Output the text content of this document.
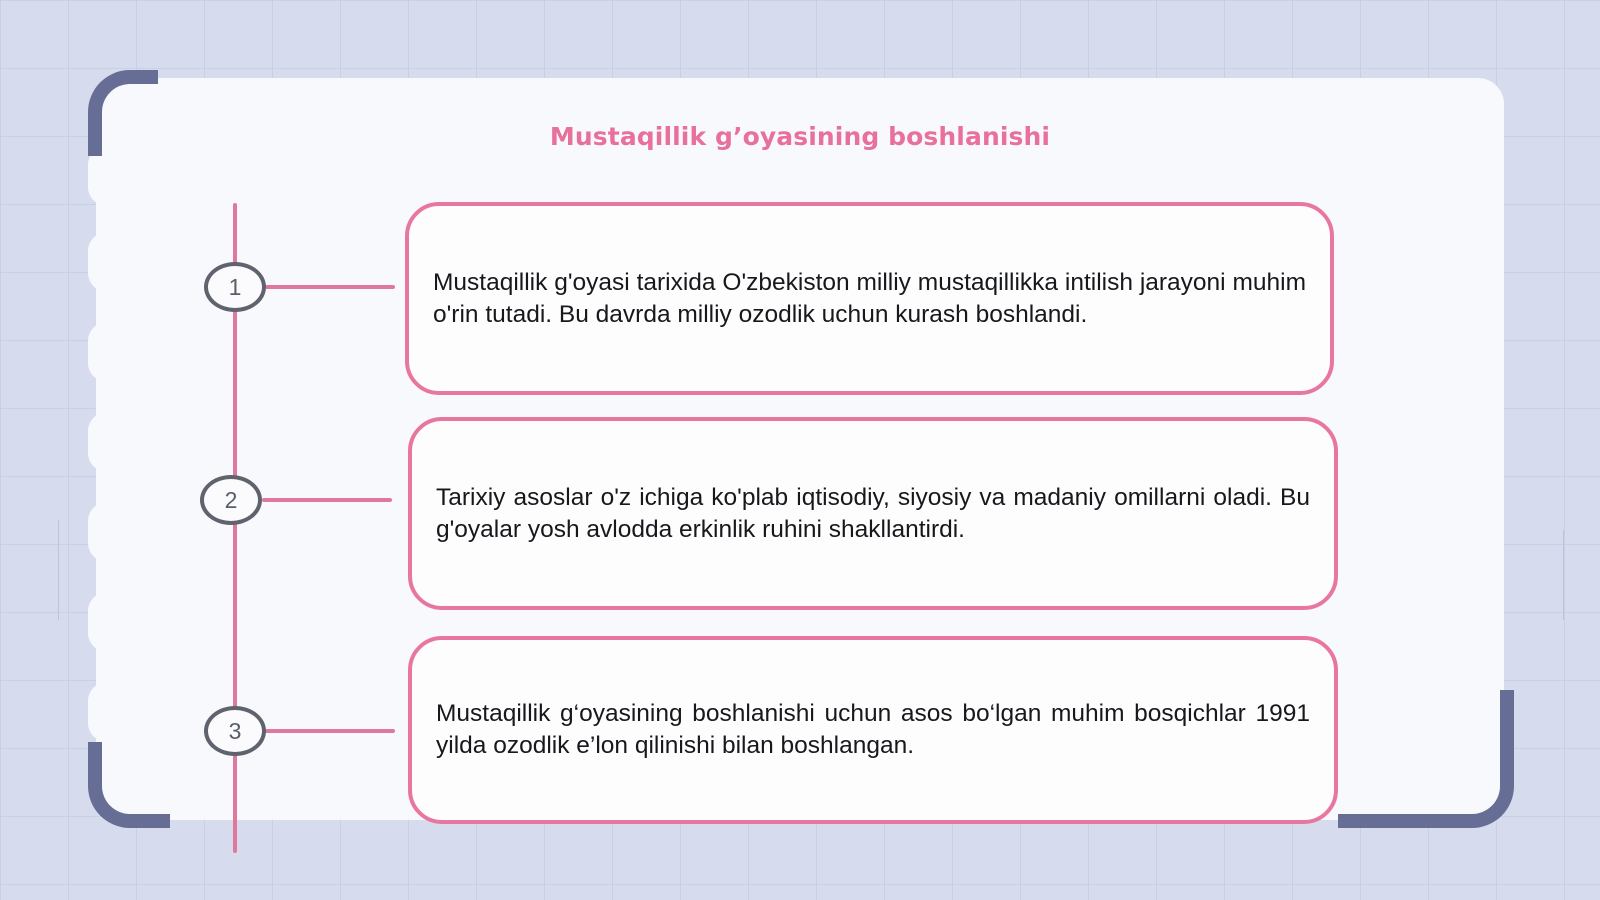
Mustaqillik g’oyasining boshlanishi
1
2
3
Mustaqillik g'oyasi tarixida O'zbekiston milliy mustaqillikka intilish jarayoni muhim o'rin tutadi. Bu davrda milliy ozodlik uchun kurash boshlandi.
Tarixiy asoslar o'z ichiga ko'plab iqtisodiy, siyosiy va madaniy omillarni oladi. Bu g'oyalar yosh avlodda erkinlik ruhini shakllantirdi.
Mustaqillik g‘oyasining boshlanishi uchun asos bo‘lgan muhim bosqichlar 1991 yilda ozodlik e’lon qilinishi bilan boshlangan.
